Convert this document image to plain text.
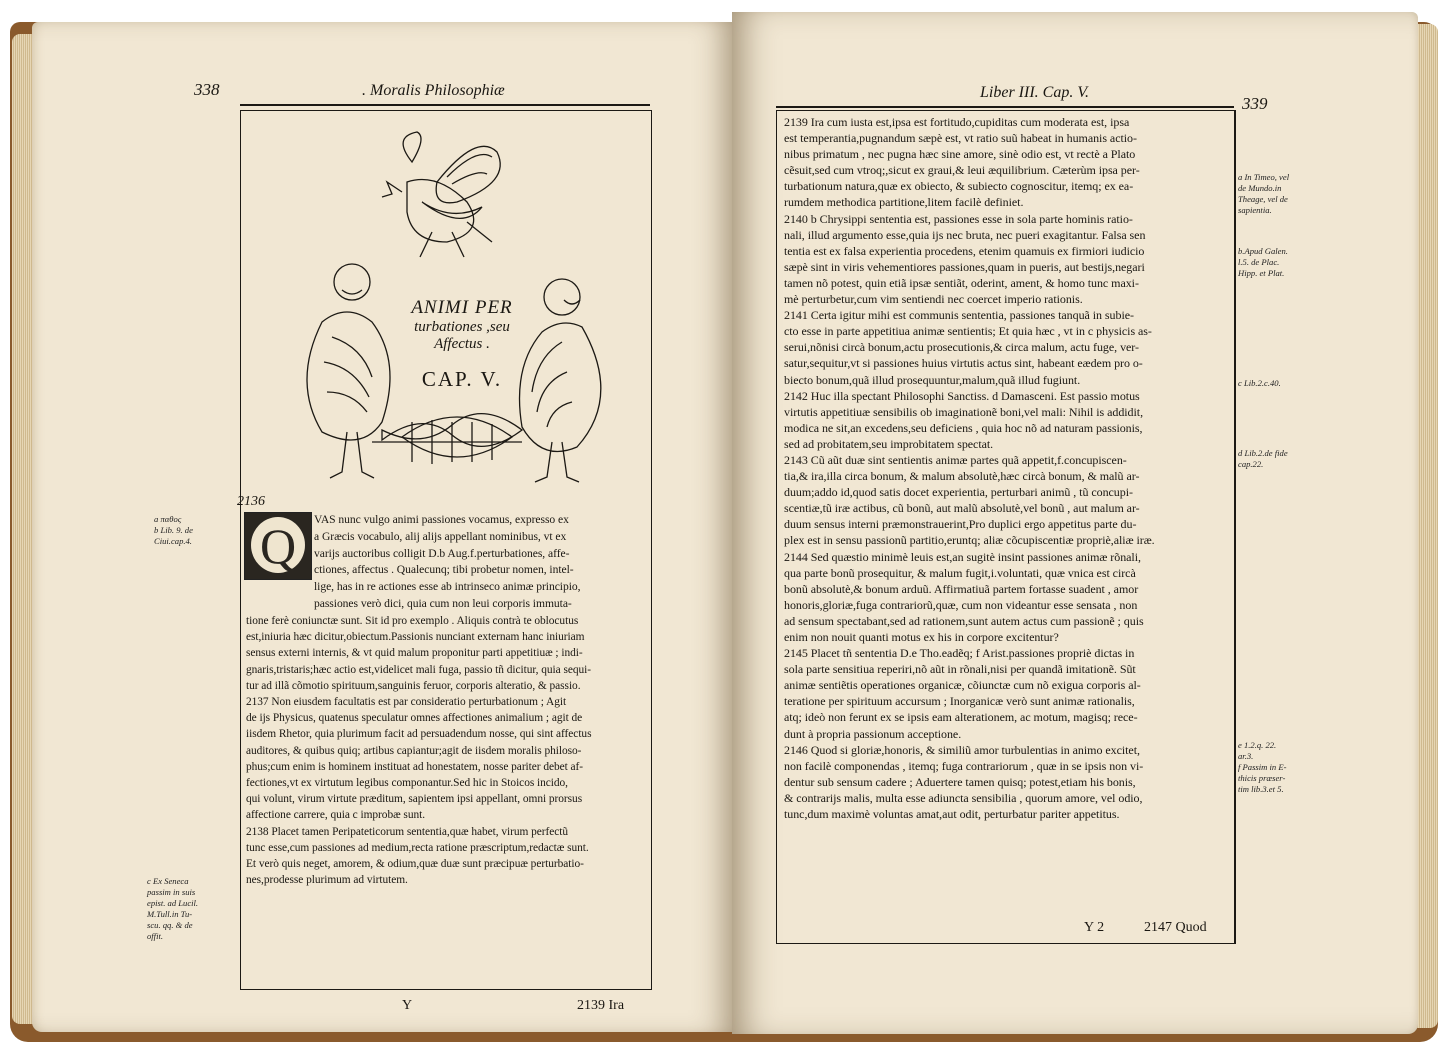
338	. Moralis Philosophiæ
ANIMI PER
turbationes ,seu
Affectus .
CAP. V.
2136
Q
a παθος
b Lib. 9. de
Ciui.cap.4.
c Ex Seneca
passim in suis
epist. ad Lucil.
M.Tull.in Tu-
scu. qq. & de
offit.

VAS nunc vulgo animi passiones vocamus, expresso ex

a Græcis vocabulo, alij alijs appellant nominibus, vt ex

varijs auctoribus colligit D.b Aug.f.perturbationes, affe-

ctiones, affectus . Qualecunq; tibi probetur nomen, intel-

lige, has in re actiones esse ab intrinseco animæ principio,

passiones verò dici, quia cum non leui corporis immuta-

tione ferè coniunctæ sunt. Sit id pro exemplo . Aliquis contrà te oblocutus

est,iniuria hæc dicitur,obiectum.Passionis nunciant externam hanc iniuriam

sensus externi internis, & vt quid malum proponitur parti appetitiuæ ; indi-

gnaris,tristaris;hæc actio est,videlicet mali fuga, passio tñ dicitur, quia sequi-

tur ad illã cõmotio spirituum,sanguinis feruor, corporis alteratio, & passio.

2137 Non eiusdem facultatis est par consideratio perturbationum ; Agit

de ijs Physicus, quatenus speculatur omnes affectiones animalium ; agit de

iisdem Rhetor, quia plurimum facit ad persuadendum nosse, qui sint affectus

auditores, & quibus quiq; artibus capiantur;agit de iisdem moralis philoso-

phus;cum enim is hominem instituat ad honestatem, nosse pariter debet af-

fectiones,vt ex virtutum legibus componantur.Sed hic in Stoicos incido,

qui volunt, virum virtute præditum, sapientem ipsi appellant, omni prorsus

affectione carrere, quia c improbæ sunt.

2138 Placet tamen Peripateticorum sententia,quæ habet, virum perfectũ

tunc esse,cum passiones ad medium,recta ratione præscriptum,redactæ sunt.

Et verò quis neget, amorem, & odium,quæ duæ sunt præcipuæ perturbatio-

nes,prodesse plurimum ad virtutem.

Y	2139 Ira
Liber III. Cap. V.
339

2139 Ira cum iusta est,ipsa est fortitudo,cupiditas cum moderata est, ipsa

est temperantia,pugnandum sæpè est, vt ratio suũ habeat in humanis actio-

nibus primatum , nec pugna hæc sine amore, sinè odio est, vt rectè a Plato

cẽsuit,sed cum vtroq;,sicut ex graui,& leui æquilibrium. Cæterùm ipsa per-

turbationum natura,quæ ex obiecto, & subiecto cognoscitur, itemq; ex ea-

rumdem methodica partitione,litem facilè definiet.

2140 b Chrysippi sententia est, passiones esse in sola parte hominis ratio-

nali, illud argumento esse,quia ijs nec bruta, nec pueri exagitantur. Falsa sen

tentia est ex falsa experientia procedens, etenim quamuis ex firmiori iudicio

sæpè sint in viris vehementiores passiones,quam in pueris, aut bestijs,negari

tamen nõ potest, quin etiã ipsæ sentiãt, oderint, ament, & homo tunc maxi-

mè perturbetur,cum vim sentiendi nec coercet imperio rationis.

2141 Certa igitur mihi est communis sententia, passiones tanquã in subie-

cto esse in parte appetitiua animæ sentientis; Et quia hæc , vt in c physicis as-

serui,nõnisi circà bonum,actu prosecutionis,& circa malum, actu fuge, ver-

satur,sequitur,vt si passiones huius virtutis actus sint, habeant eædem pro o-

biecto bonum,quã illud prosequuntur,malum,quã illud fugiunt.

2142 Huc illa spectant Philosophi Sanctiss. d Damasceni. Est passio motus

virtutis appetitiuæ sensibilis ob imaginationẽ boni,vel mali: Nihil is addidit,

modica ne sit,an excedens,seu deficiens , quia hoc nõ ad naturam passionis,

sed ad probitatem,seu improbitatem spectat.

2143 Cũ aũt duæ sint sentientis animæ partes quã appetit,f.concupiscen-

tia,& ira,illa circa bonum, & malum absolutè,hæc circà bonum, & malũ ar-

duum;addo id,quod satis docet experientia, perturbari animũ , tũ concupi-

scentiæ,tũ iræ actibus, cũ bonũ, aut malũ absolutè,vel bonũ , aut malum ar-

duum sensus interni præmonstrauerint,Pro duplici ergo appetitus parte du-

plex est in sensu passionũ partitio,eruntq; aliæ cõcupiscentiæ propriè,aliæ iræ.

2144 Sed quæstio minimè leuis est,an sugitè insint passiones animæ rõnali,

qua parte bonũ prosequitur, & malum fugit,i.voluntati, quæ vnica est circà

bonũ absolutè,& bonum arduũ. Affirmatiuã partem fortasse suadent , amor

honoris,gloriæ,fuga contrariorũ,quæ, cum non videantur esse sensata , non

ad sensum spectabant,sed ad rationem,sunt autem actus cum passionẽ ; quis

enim non nouit quanti motus ex his in corpore excitentur?

2145 Placet tñ sententia D.e Tho.eadẽq; f Arist.passiones propriè dictas in

sola parte sensitiua reperiri,nõ aũt in rõnali,nisi per quandã imitationẽ. Sũt

animæ sentiẽtis operationes organicæ, cõiunctæ cum nõ exigua corporis al-

teratione per spirituum accursum ; Inorganicæ verò sunt animæ rationalis,

atq; ideò non ferunt ex se ipsis eam alterationem, ac motum, magisq; rece-

dunt à propria passionum acceptione.

2146 Quod si gloriæ,honoris, & similiũ amor turbulentias in animo excitet,

non facilè componendas , itemq; fuga contrariorum , quæ in se ipsis non vi-

dentur sub sensum cadere ; Aduertere tamen quisq; potest,etiam his bonis,

& contrarijs malis, multa esse adiuncta sensibilia , quorum amore, vel odio,

tunc,dum maximè voluntas amat,aut odit, perturbatur pariter appetitus.

a In Timeo, vel
de Mundo.in
Theage, vel de
sapientia.
b.Apud Galen.
l.5. de Plac.
Hipp. et Plat.
c Lib.2.c.40.
d Lib.2.de fide
cap.22.
e 1.2.q. 22.
ar.3.
f Passim in E-
thicis præser-
tim lib.3.et 5.
Y 2	2147 Quod
